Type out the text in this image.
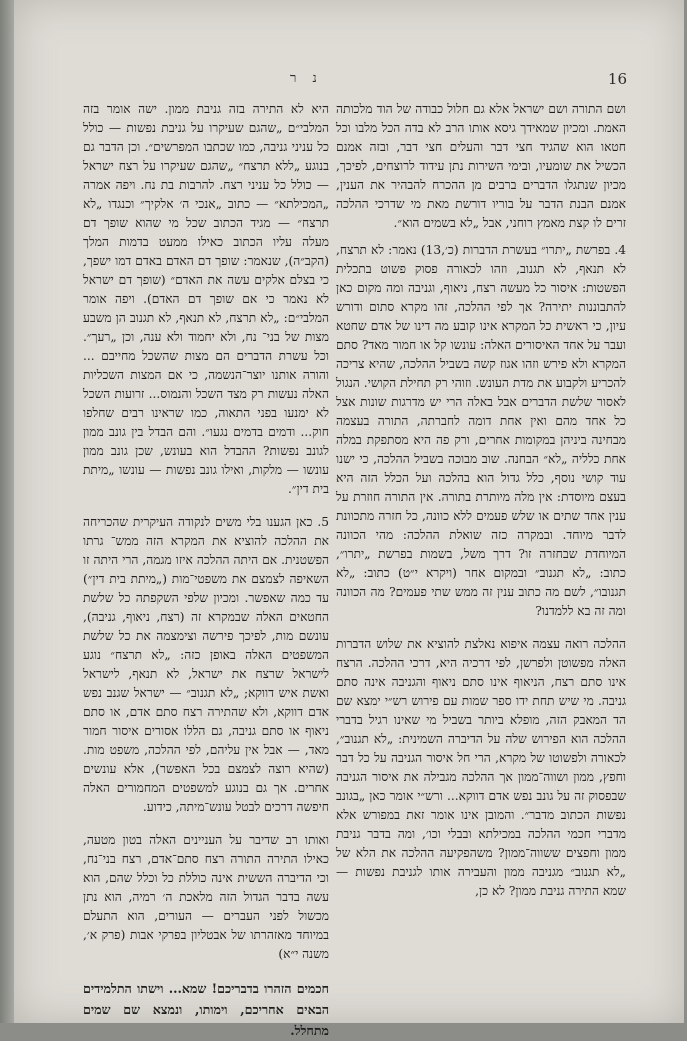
נ ר	16

ושם התורה ושם ישראל אלא גם חלול כבודה של הוד מלכותה האמת. ומכיון שמאידך גיסא אותו הרב לא בדה הכל מלבו וכל חטאו הוא שהגיד חצי דבר והעלים חצי דבר, ובזה אמנם הכשיל את שומעיו, ובימי השירות נתן עידוד לרוצחים, לפיכך, מכיון שנתגלו הדברים ברבים מן ההכרח להבהיר את הענין, אמנם הבנת הדבר על בוריו דורשת מאת מי שדרכי ההלכה זרים לו קצת מאמץ רוחני, אבל „לא בשמים הוא״.

4. בפרשת „יתרו״ בעשרת הדברות (כ׳,13) נאמר: לא תרצח, לא תנאף, לא תגנוב, וזהו לכאורה פסוק פשוט בתכלית הפשטות: איסור כל מעשה רצח, ניאוף, וגניבה ומה מקום כאן להתבוננות יתירה? אך לפי ההלכה, זהו מקרא סתום ודורש עיון, כי ראשית כל המקרא אינו קובע מה דינו של אדם שחטא ועבר על אחד האיסורים האלה: עונשו קל או חמור מאד? סתם המקרא ולא פירש וזהו אגוז קשה בשביל ההלכה, שהיא צריכה להכריע ולקבוע את מדת העונש. וזוהי רק תחילת הקושי. הנגול לאסור שלשת הדברים אבל באלה הרי יש מדרגות שונות אצל כל אחד מהם ואין אחת דומה לחברתה, התורה בעצמה מבחינה ביניהן במקומות אחרים, ורק פה היא מסתפקת במלה אחת כלליה „לא״ הבחנה. שוב מבוכה בשביל ההלכה, כי ישנו עוד קושי נוסף, כלל גדול הוא בהלכה ועל הכלל הזה היא בעצם מיוסדת: אין מלה מיותרת בתורה. אין התורה חוזרת על ענין אחד שתים או שלש פעמים ללא כוונה, כל חזרה מתכוונת לדבר מיוחד. ובמקרה כזה שואלת ההלכה: מהי הכוונה המיוחדת שבחזרה זו? דרך משל, בשמות בפרשת „יתרו״, כתוב: „לא תגנוב״ ובמקום אחר (ויקרא י״ט) כתוב: „לא תגנובו״, לשם מה כתוב ענין זה ממש שתי פעמים? מה הכוונה ומה זה בא ללמדנו?

ההלכה רואה עצמה איפוא נאלצת להוציא את שלוש הדברות האלה מפשוטן ולפרשן, לפי דרכיה היא, דרכי ההלכה. הרצח אינו סתם רצח, הניאוף אינו סתם ניאוף והגניבה אינה סתם גניבה. מי שיש תחת ידו ספר שמות עם פירוש רש״י ימצא שם הד המאבק הזה, מופלא ביותר בשביל מי שאינו רגיל בדברי ההלכה הוא הפירוש שלה על הדיברה השמינית: „לא תגנוב״, לכאורה ולפשוטו של מקרא, הרי חל איסור הגניבה על כל דבר וחפץ, ממון ושווה־ממון אך ההלכה מגבילה את איסור הגניבה שבפסוק זה על גונב נפש אדם דווקא... ורש״י אומר כאן „בגונב נפשות הכתוב מדבר״. והמובן אינו אומר זאת במפורש אלא מדברי חכמי ההלכה במכילתא ובבלי וכו׳, ומה בדבר גניבת ממון וחפצים ששווה־ממון? משהפקיעה ההלכה את הלא של „לא תגנוב״ מגניבה ממון והעבירה אותו לגניבת נפשות — שמא התירה גניבת ממון? לא כן,

היא לא התירה בזה גניבת ממון. ישה אומר בזה המלבי״ם „שהגם שעיקרו על גניבת נפשות — כולל כל עניני גניבה, כמו שכתבו המפרשים״. וכן הדבר גם בנוגע „ללא תרצח״ „שהגם שעיקרו על רצח ישראל — כולל כל עניני רצח. להרבות בת נח. ויפה אמרה „המכילתא״ — כתוב „אנכי ה׳ אלקיך״ וכנגדו „לא תרצח״ — מגיד הכתוב שכל מי שהוא שופך דם מעלה עליו הכתוב כאילו ממעט בדמות המלך (הקב״ה), שנאמר: שופך דם האדם באדם דמו ישפך, כי בצלם אלקים עשה את האדם״ (שופך דם ישראל לא נאמר כי אם שופך דם האדם). ויפה אומר המלבי״ם: „לא תרצח, לא תנאף, לא תגנוב הן משבע מצות של בני־ נח, ולא יחמוד ולא ענה, וכן „רעך״. וכל עשרת הדברים הם מצות שהשכל מחייבם ... והורה אותנו יוצר־הנשמה, כי אם המצות השכליות האלה נעשות רק מצד השכל והנמוס... זרועות השכל לא ימנעו בפני התאוה, כמו שראינו רבים שחלפו חוק... ודמים בדמים נגעו״. והם הבדל בין גונב ממון לגונב נפשות? ההבדל הוא בעונש, שכן גונב ממון עונשו — מלקות, ואילו גונב נפשות — עונשו „מיתת בית דין״.

5. כאן הגענו בלי משים לנקודה העיקרית שהכריחה את ההלכה להוציא את המקרא הזה ממש־ גרתו הפשטנית. אם היתה ההלכה איזו מגמה, הרי היתה זו השאיפה לצמצם את משפטי־מות („מיתת בית דין״) עד כמה שאפשר. ומכיון שלפי השקפתה כל שלשת החטאים האלה שבמקרא זה (רצח, ניאוף, גניבה), עונשם מות, לפיכך פירשה וצימצמה את כל שלשת המשפטים האלה באופן כזה: „לא תרצח״ נוגע לישראל שרצח את ישראל, לא תנאף, לישראל ואשת איש דווקא; „לא תגנוב״ — ישראל שגנב נפש אדם דווקא, ולא שהתירה רצח סתם אדם, או סתם ניאוף או סתם גניבה, גם הללו אסורים איסור חמור מאד, — אבל אין עליהם, לפי ההלכה, משפט מות. (שהיא רוצה לצמצם בכל האפשר), אלא עונשים אחרים. אך גם בנוגע למשפטים המחמורים האלה חיפשה דרכים לבטל עונש־מיתה, כידוע.

ואותו רב שדיבר על העניינים האלה בטון מטעה, כאילו התירה התורה רצח סתם־אדם, רצח בני־נח, וכי הדיברה הששית אינה כוללת כל וכלל שהם, הוא עשה בדבר הגדול הזה מלאכת ה׳ רמיה, הוא נתן מכשול לפני העברים — העורים, הוא התעלם במיוחד מאזהרתו של אבטליון בפרקי אבות (פרק א׳, משנה י״א)

חכמים הזהרו בדבריכם! שמא... וישתו התלמידים הבאים אחריכם, וימותו, ונמצא שם שמים מתחלל.
